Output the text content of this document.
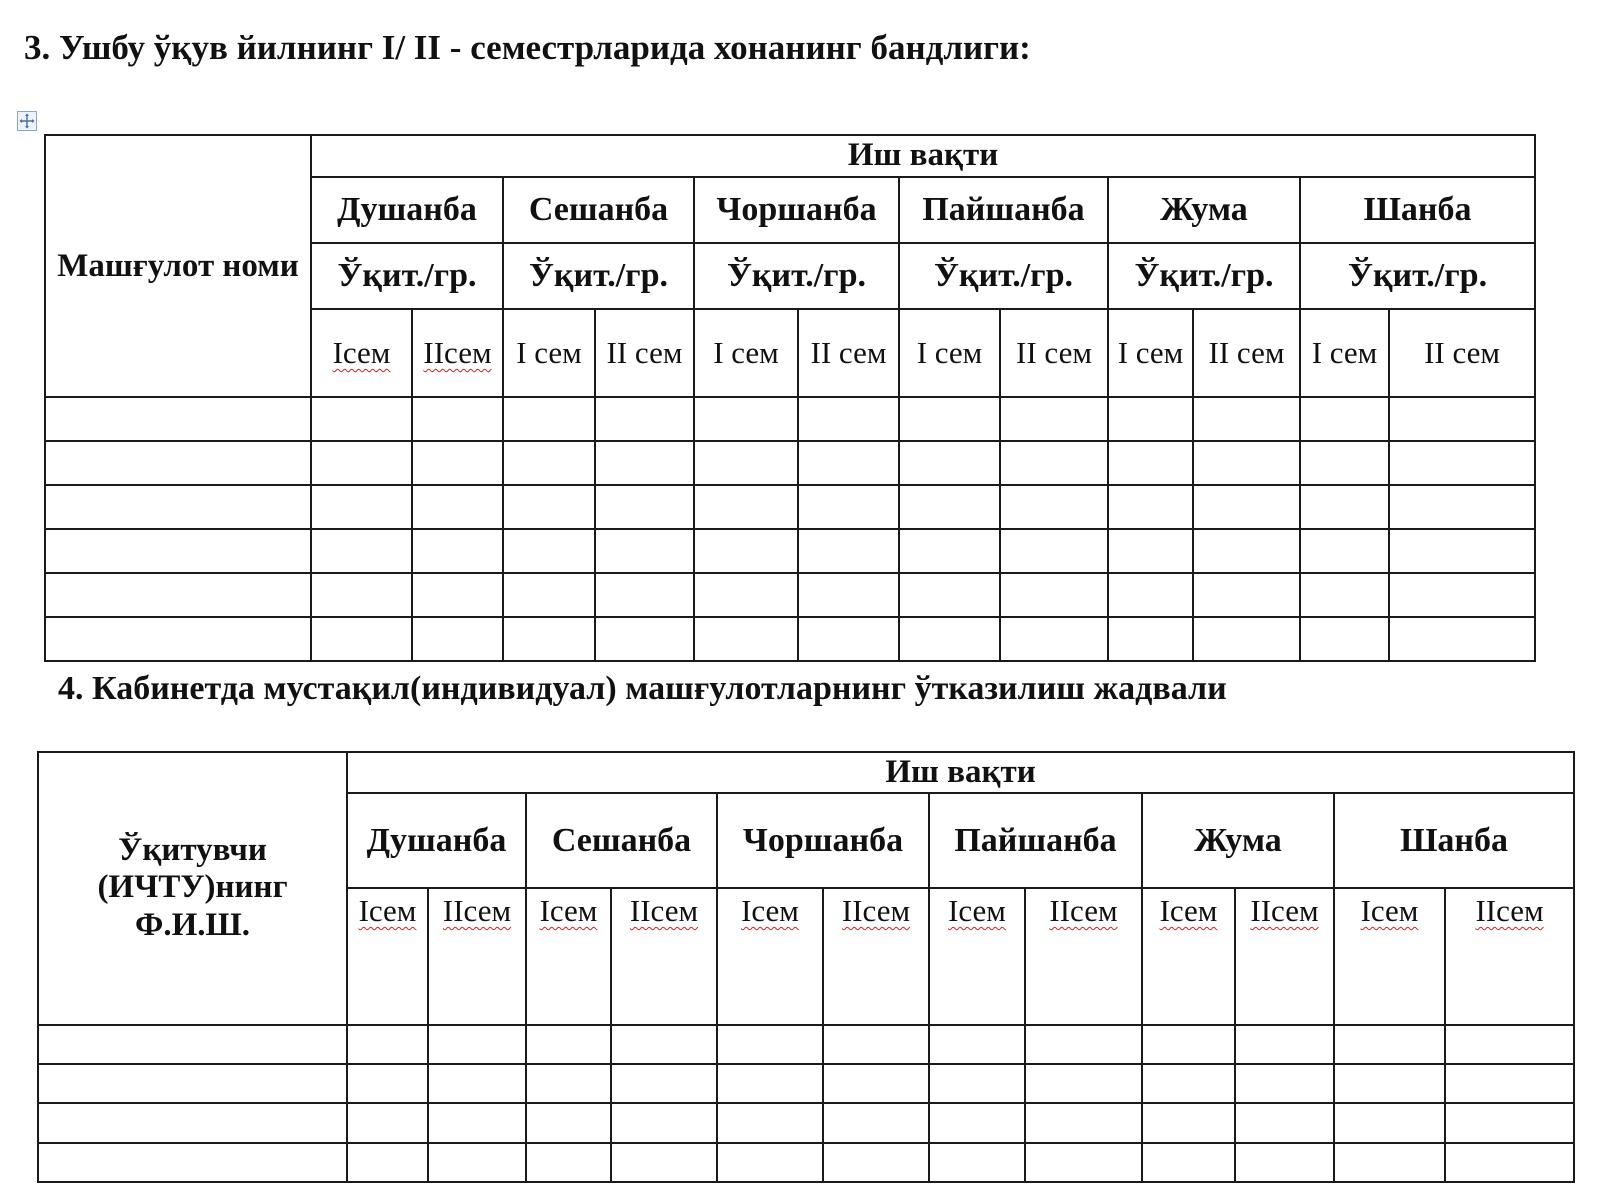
3. Ушбу ўқув йилнинг I/ II - семестрларида хонанинг бандлиги:
Машғулот номи	Иш вақти											
	Душанба		Сешанба		Чоршанба		Пайшанба		Жума		Шанба	
	Ўқит./гр.		Ўқит./гр.		Ўқит./гр.		Ўқит./гр.		Ўқит./гр.		Ўқит./гр.	
	Iсем	IIсем	I сем	II сем	I сем	II сем	I сем	II сем	I сем	II сем	I сем	II сем

4. Кабинетда мустақил(индивидуал) машғулотларнинг ўтказилиш жадвали
Ўқитувчи (ИЧТУ)нинг Ф.И.Ш.	Иш вақти											
	Душанба		Сешанба		Чоршанба		Пайшанба		Жума		Шанба	
	Iсем	IIсем	Iсем	IIсем	Iсем	IIсем	Iсем	IIсем	Iсем	IIсем	Iсем	IIсем
